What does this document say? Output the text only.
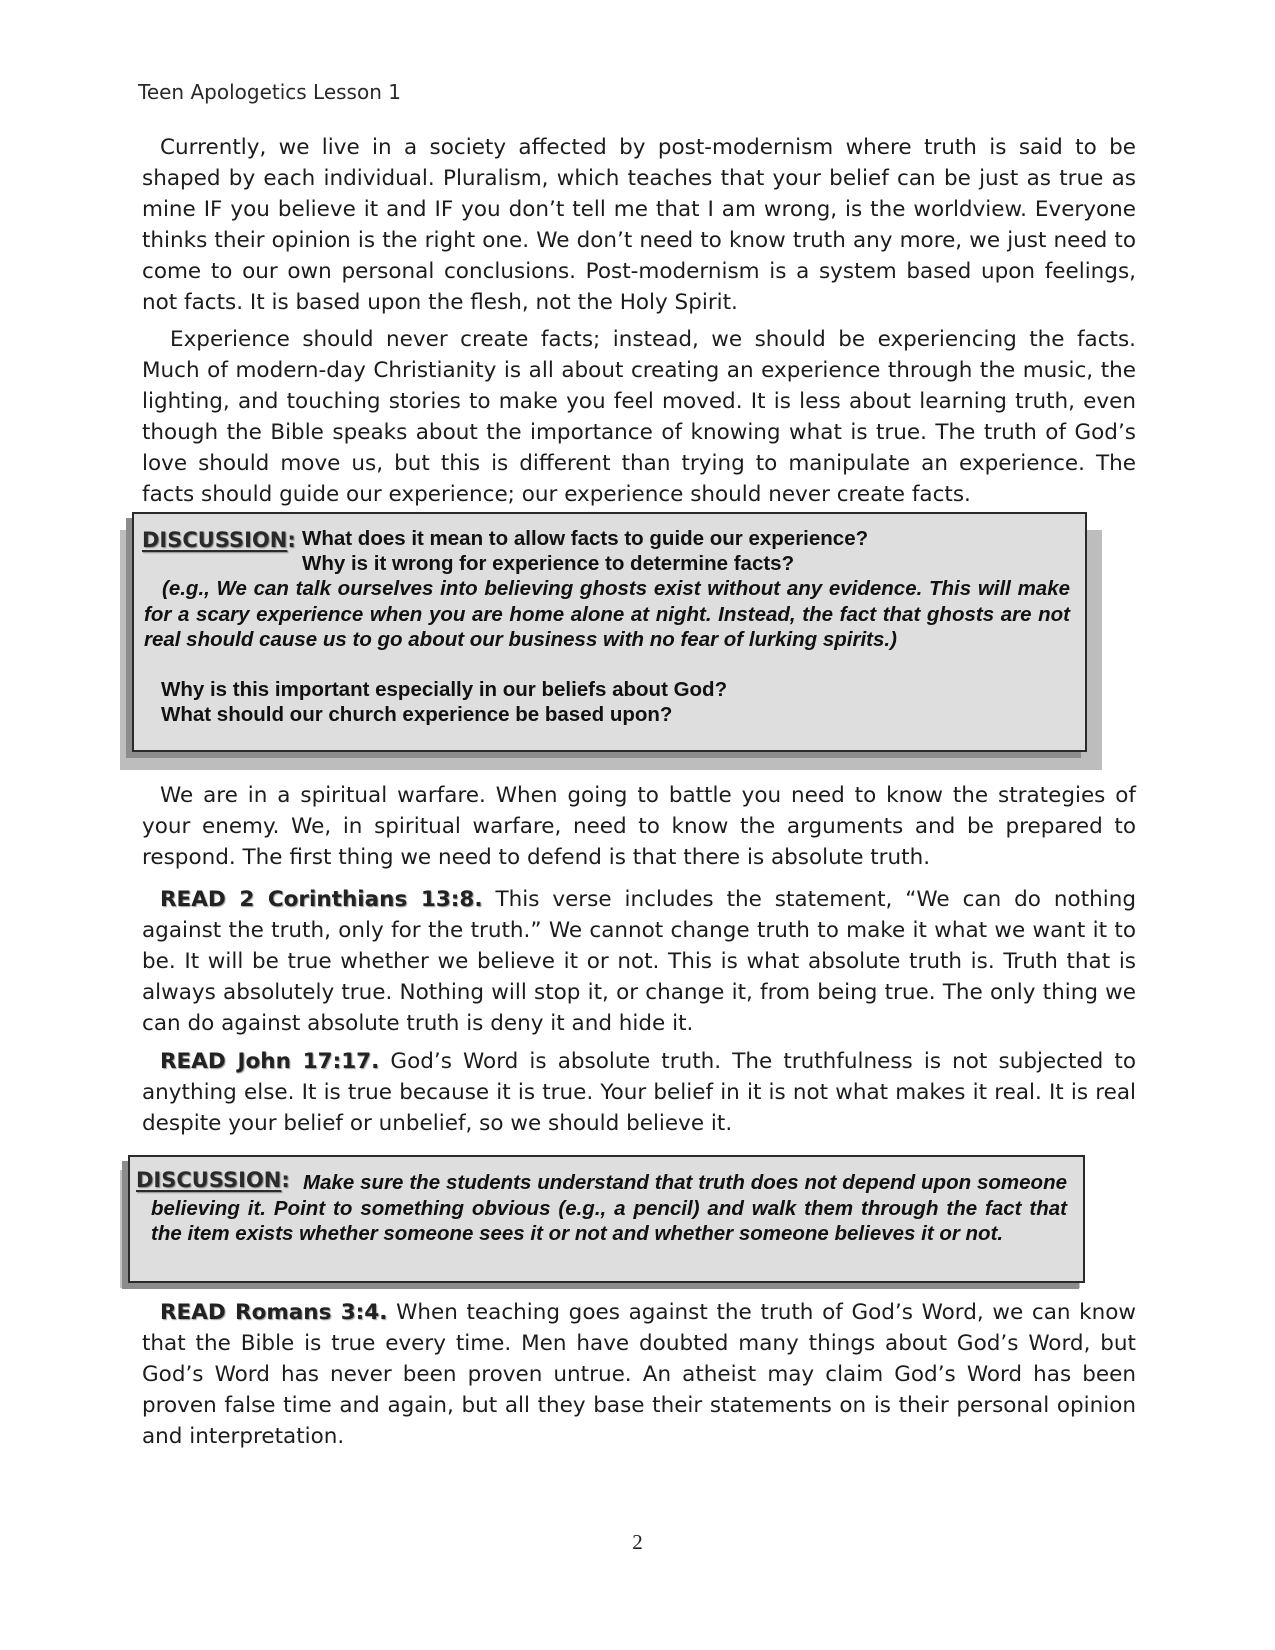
Teen Apologetics Lesson 1

Currently, we live in a society affected by post-modernism where truth is said to be shaped by each individual. Pluralism, which teaches that your belief can be just as true as mine IF you believe it and IF you don’t tell me that I am wrong, is the worldview. Everyone thinks their opinion is the right one. We don’t need to know truth any more, we just need to come to our own personal conclusions. Post-modernism is a system based upon feelings, not facts. It is based upon the flesh, not the Holy Spirit.

Experience should never create facts; instead, we should be experiencing the facts. Much of modern-day Christianity is all about creating an experience through the music, the lighting, and touching stories to make you feel moved. It is less about learning truth, even though the Bible speaks about the importance of knowing what is true. The truth of God’s love should move us, but this is different than trying to manipulate an experience. The facts should guide our experience; our experience should never create facts.

DISCUSSION: What does it mean to allow facts to guide our experience?
Why is it wrong for experience to determine facts?
(e.g., We can talk ourselves into believing ghosts exist without any evidence. This will make for a scary experience when you are home alone at night. Instead, the fact that ghosts are not real should cause us to go about our business with no fear of lurking spirits.)
Why is this important especially in our beliefs about God?
What should our church experience be based upon?

We are in a spiritual warfare. When going to battle you need to know the strategies of your enemy. We, in spiritual warfare, need to know the arguments and be prepared to respond. The first thing we need to defend is that there is absolute truth.

READ 2 Corinthians 13:8. This verse includes the statement, “We can do nothing against the truth, only for the truth.” We cannot change truth to make it what we want it to be. It will be true whether we believe it or not. This is what absolute truth is. Truth that is always absolutely true. Nothing will stop it, or change it, from being true. The only thing we can do against absolute truth is deny it and hide it.

READ John 17:17. God’s Word is absolute truth. The truthfulness is not subjected to anything else. It is true because it is true. Your belief in it is not what makes it real. It is real despite your belief or unbelief, so we should believe it.

DISCUSSION: Make sure the students understand that truth does not depend upon someone believing it. Point to something obvious (e.g., a pencil) and walk them through the fact that the item exists whether someone sees it or not and whether someone believes it or not.

READ Romans 3:4. When teaching goes against the truth of God’s Word, we can know that the Bible is true every time. Men have doubted many things about God’s Word, but God’s Word has never been proven untrue. An atheist may claim God’s Word has been proven false time and again, but all they base their statements on is their personal opinion and interpretation.

2
